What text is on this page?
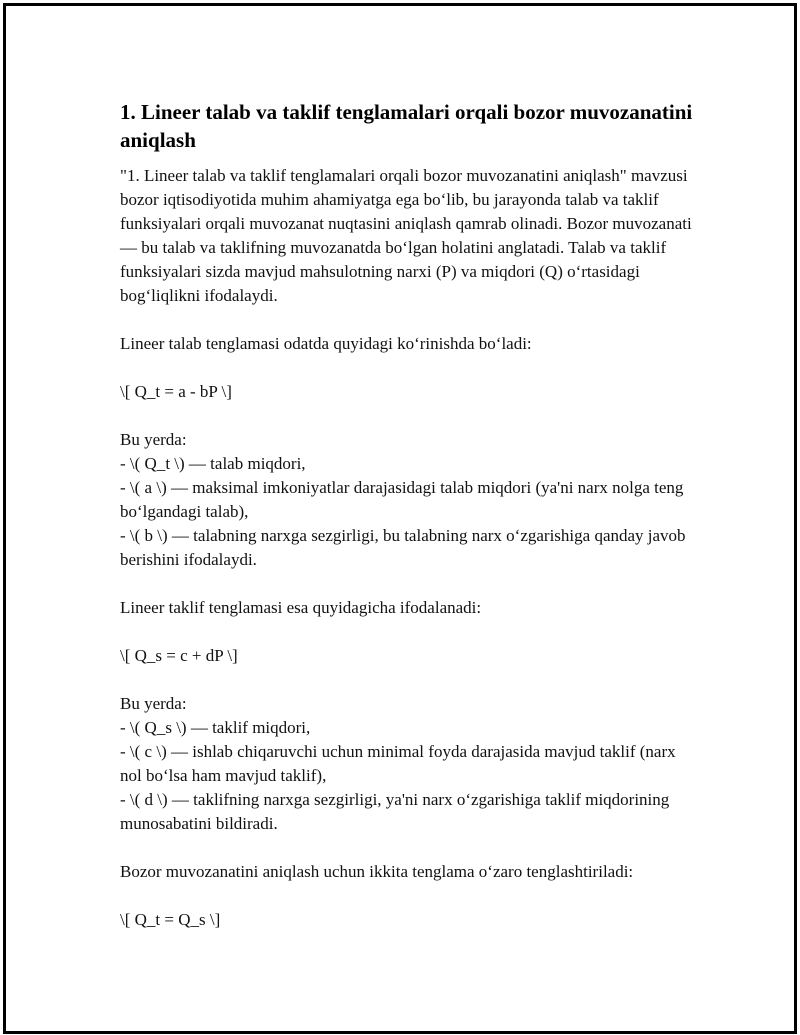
1. Lineer talab va taklif tenglamalari orqali bozor muvozanatini aniqlash

"1. Lineer talab va taklif tenglamalari orqali bozor muvozanatini aniqlash" mavzusi bozor iqtisodiyotida muhim ahamiyatga ega bo‘lib, bu jarayonda talab va taklif funksiyalari orqali muvozanat nuqtasini aniqlash qamrab olinadi. Bozor muvozanati — bu talab va taklifning muvozanatda bo‘lgan holatini anglatadi. Talab va taklif funksiyalari sizda mavjud mahsulotning narxi (P) va miqdori (Q) o‘rtasidagi bog‘liqlikni ifodalaydi.

Lineer talab tenglamasi odatda quyidagi ko‘rinishda bo‘ladi:

\[ Q_t = a - bP \]

Bu yerda:

- \( Q_t \) — talab miqdori,

- \( a \) — maksimal imkoniyatlar darajasidagi talab miqdori (ya'ni narx nolga teng bo‘lgandagi talab),

- \( b \) — talabning narxga sezgirligi, bu talabning narx o‘zgarishiga qanday javob berishini ifodalaydi.

Lineer taklif tenglamasi esa quyidagicha ifodalanadi:

\[ Q_s = c + dP \]

Bu yerda:

- \( Q_s \) — taklif miqdori,

- \( c \) — ishlab chiqaruvchi uchun minimal foyda darajasida mavjud taklif (narx nol bo‘lsa ham mavjud taklif),

- \( d \) — taklifning narxga sezgirligi, ya'ni narx o‘zgarishiga taklif miqdorining munosabatini bildiradi.

Bozor muvozanatini aniqlash uchun ikkita tenglama o‘zaro tenglashtiriladi:

\[ Q_t = Q_s \]
